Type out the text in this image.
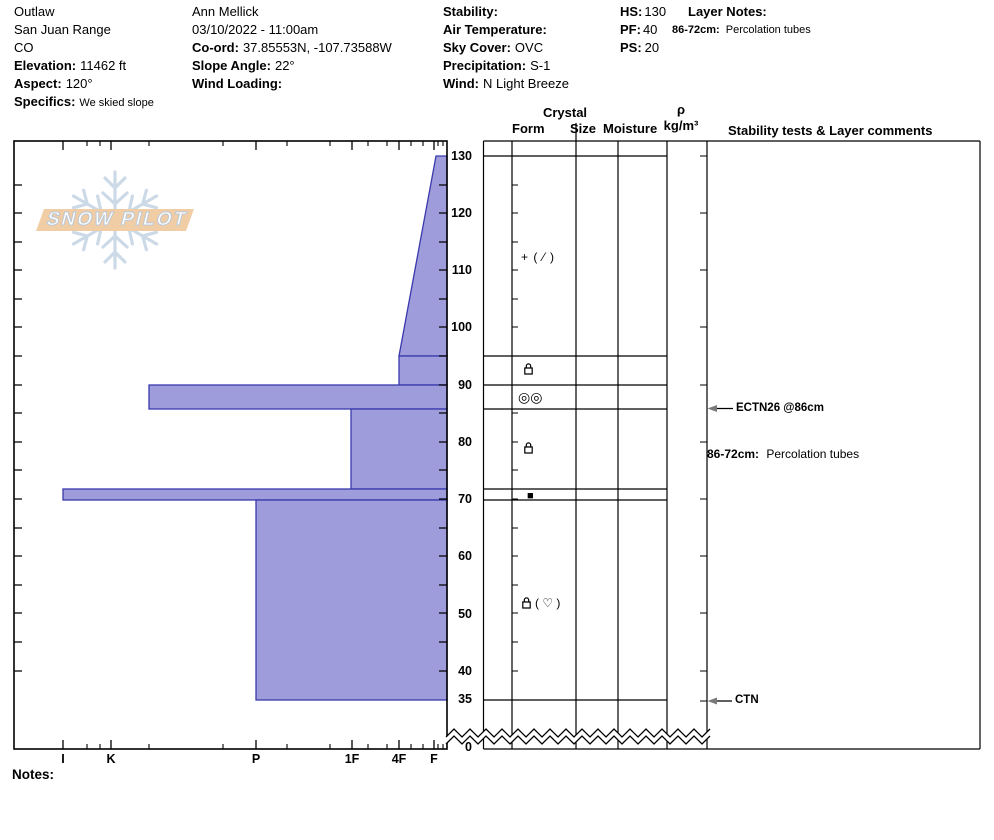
Outlaw
San Juan Range
CO
Elevation: 11462 ft
Aspect: 120°
Specifics: We skied slope
Ann Mellick
03/10/2022 - 11:00am
Co-ord: 37.85553N, -107.73588W
Slope Angle: 22°
Wind Loading:
Stability:
Air Temperature:
Sky Cover: OVC
Precipitation: S-1
Wind: N Light Breeze
HS: 130
PF: 40
PS: 20
Layer Notes:
86-72cm: Percolation tubes
SNOW PILOT
Crystal
Form Size Moisture
ρ
kg/m³	Stability tests & Layer comments
130
120
110
100
90
80
70
60
50
40
35
0
I	K	P	1F	4F	F
+ ( ⁄ )
◎◎
■
( ♡ )
ECTN26 @86cm
86-72cm: Percolation tubes
CTN
Notes:
